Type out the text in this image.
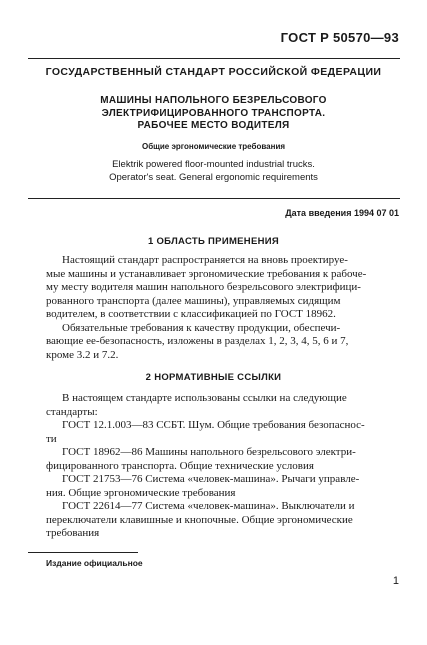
ГОСТ Р 50570—93
ГОСУДАРСТВЕННЫЙ СТАНДАРТ РОССИЙСКОЙ ФЕДЕРАЦИИ
МАШИНЫ НАПОЛЬНОГО БЕЗРЕЛЬСОВОГО
ЭЛЕКТРИФИЦИРОВАННОГО ТРАНСПОРТА.
РАБОЧЕЕ МЕСТО ВОДИТЕЛЯ
Общие эргономические требования
Elektrik powered floor-mounted industrial trucks.
Operator's seat. General ergonomic requirements
Дата введения 1994 07 01
1 ОБЛАСТЬ ПРИМЕНЕНИЯ

Настоящий стандарт распространяется на вновь проектируе-
мые машины и устанавливает эргономические требования к рабоче-
му месту водителя машин напольного безрельсового электрифици-
рованного транспорта (далее машины), управляемых сидящим
водителем, в соответствии с классификацией по ГОСТ 18962.

Обязательные требования к качеству продукции, обеспечи-
вающие ее-безопасность, изложены в разделах 1, 2, 3, 4, 5, 6 и 7,
кроме 3.2 и 7.2.

2 НОРМАТИВНЫЕ ССЫЛКИ

В настоящем стандарте использованы ссылки на следующие
стандарты:

ГОСТ 12.1.003—83 ССБТ. Шум. Общие требования безопаснос-
ти

ГОСТ 18962—86 Машины напольного безрельсового электри-
фицированного транспорта. Общие технические условия

ГОСТ 21753—76 Система «человек-машина». Рычаги управле-
ния. Общие эргономические требования

ГОСТ 22614—77 Система «человек-машина». Выключатели и
переключатели клавишные и кнопочные. Общие эргономические
требования

Издание официальное
1
